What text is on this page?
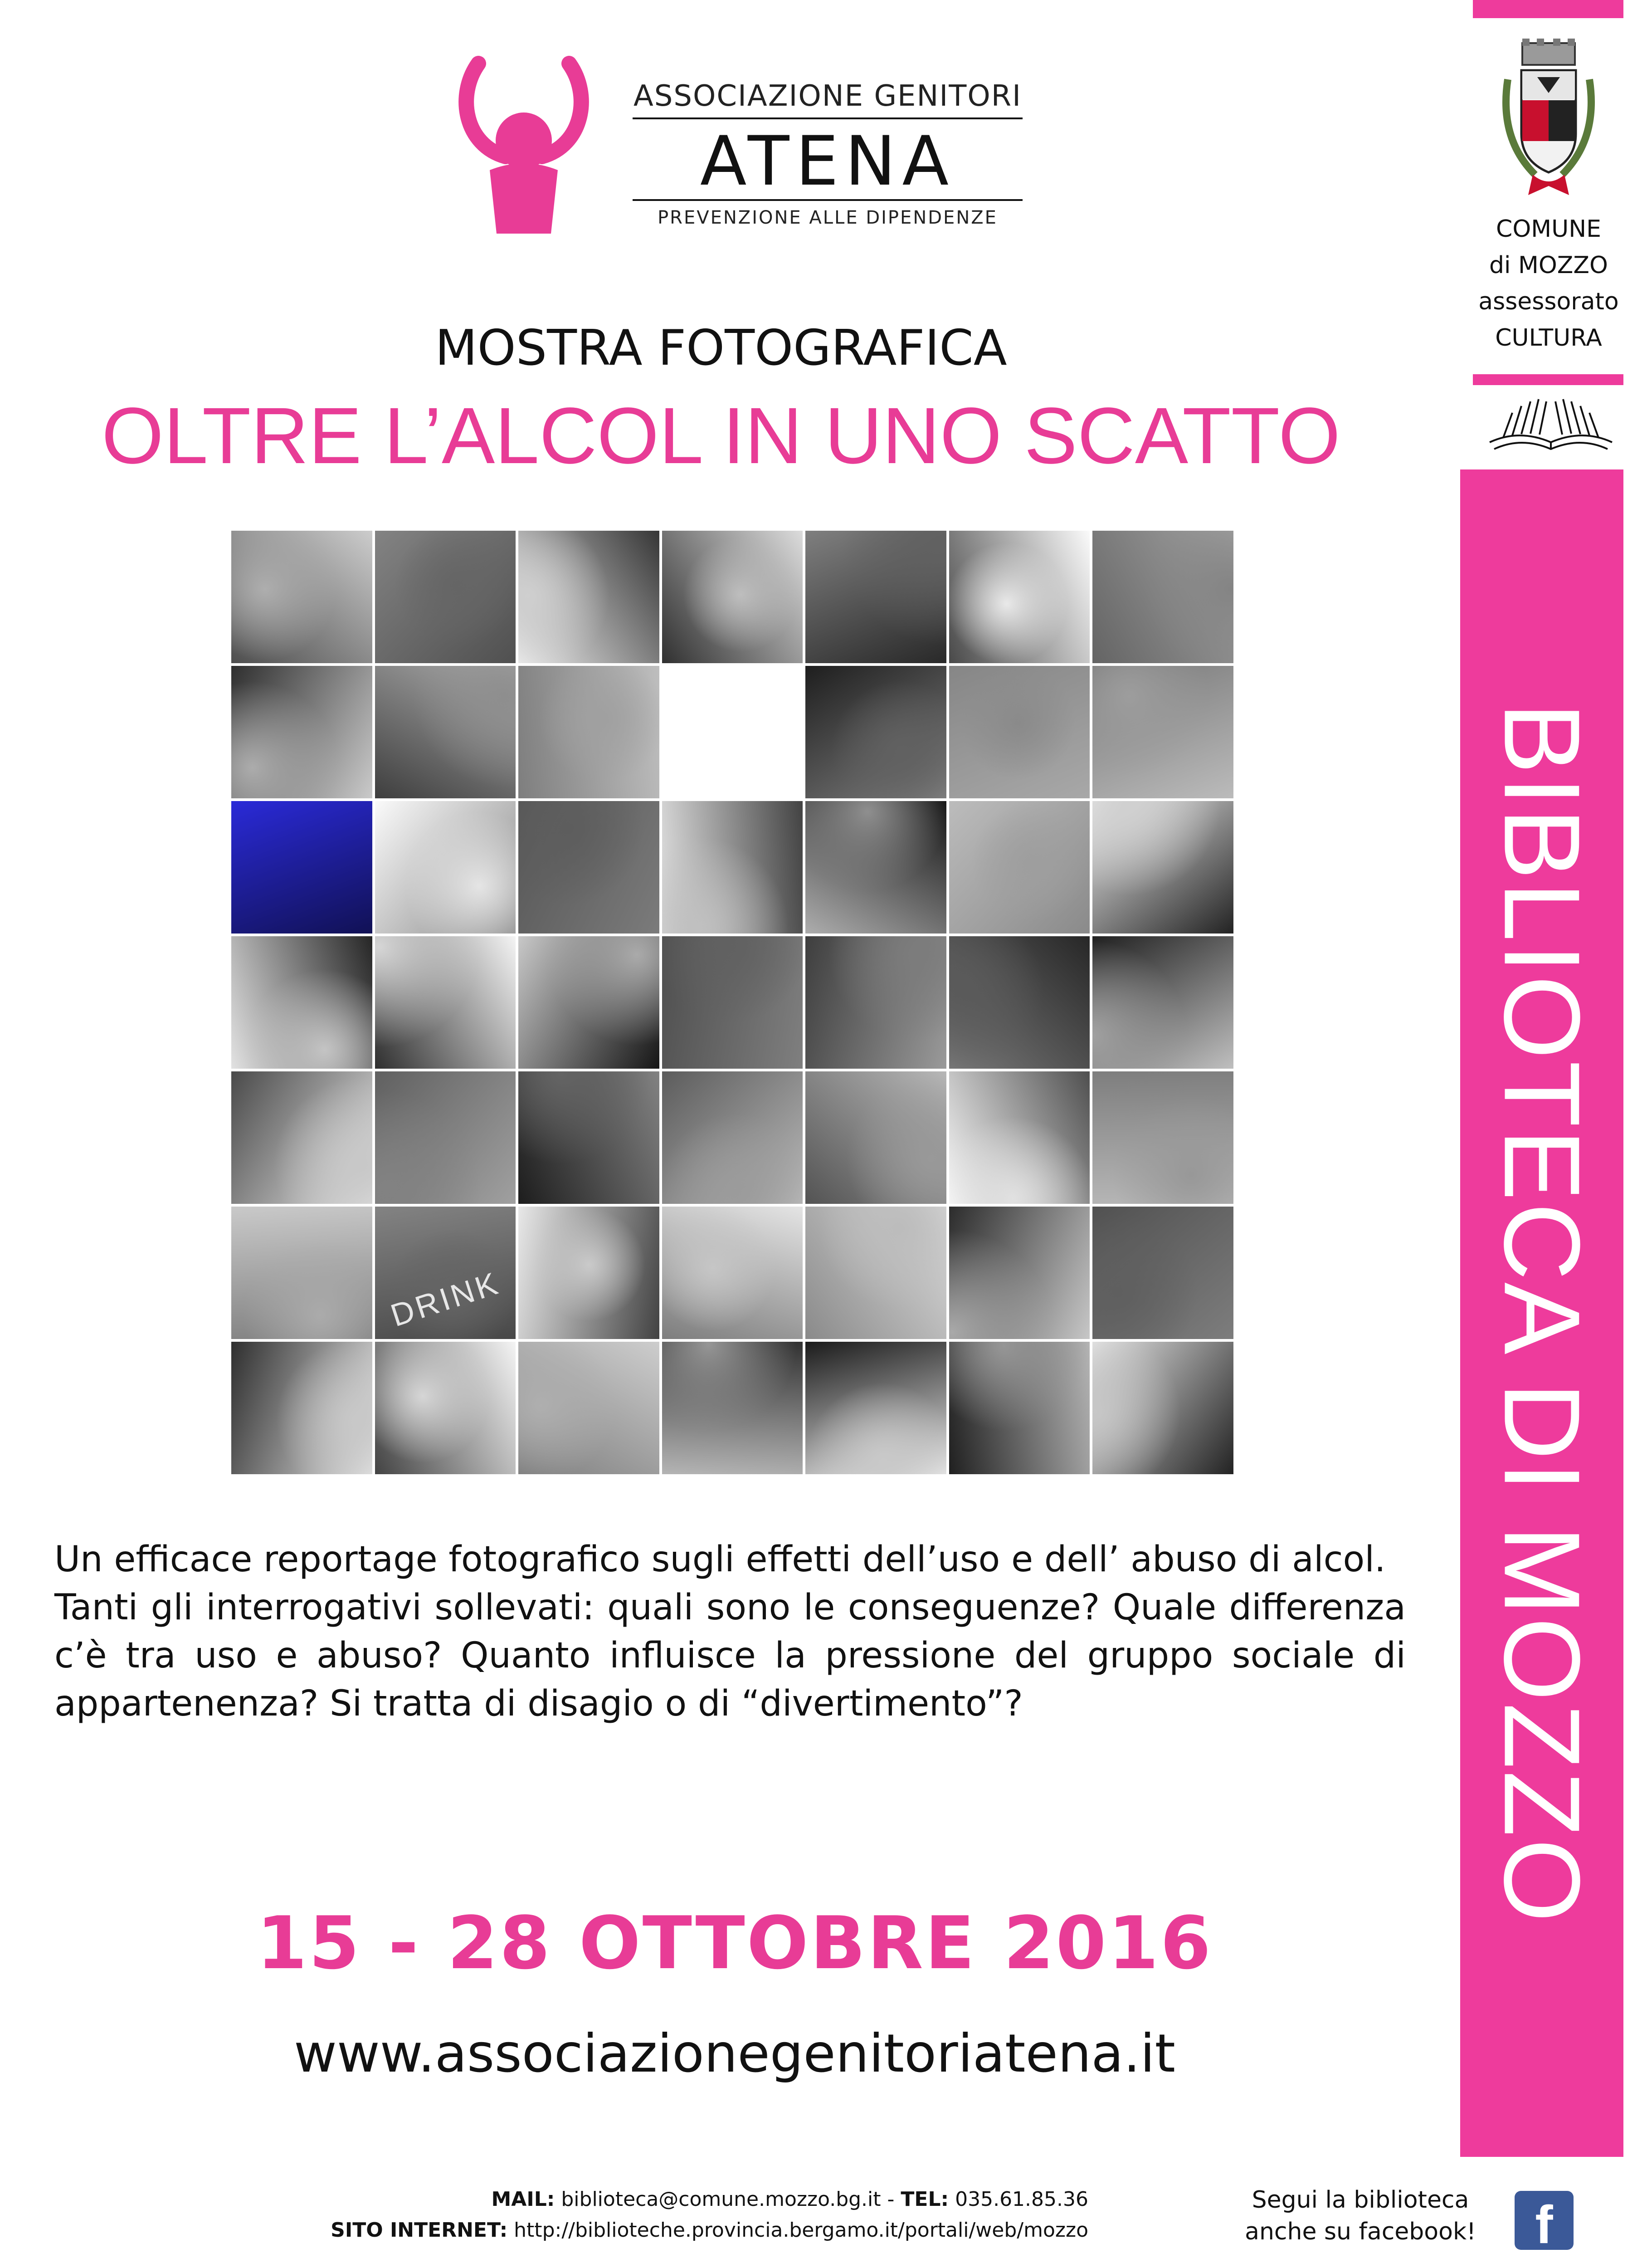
ASSOCIAZIONE GENITORI
ATENA
PREVENZIONE ALLE DIPENDENZE
MOSTRA FOTOGRAFICA
OLTRE L’ALCOL IN UNO SCATTO
DRINK

Un efficace reportage fotografico sugli effetti dell’uso e dell’ abuso di alcol.

Tanti gli interrogativi sollevati: quali sono le conseguenze? Quale differenza c’è tra uso e abuso? Quanto influisce la pressione del gruppo sociale di appartenenza? Si tratta di disagio o di “divertimento”?

15 - 28 OTTOBRE 2016
www.associazionegenitoriatena.it
MAIL: biblioteca@comune.mozzo.bg.it - TEL: 035.61.85.36
SITO INTERNET: http://biblioteche.provincia.bergamo.it/portali/web/mozzo
Segui la biblioteca
anche su facebook!	f
COMUNE
di MOZZO
assessorato
CULTURA
BIBLIOTECA DI MOZZO
